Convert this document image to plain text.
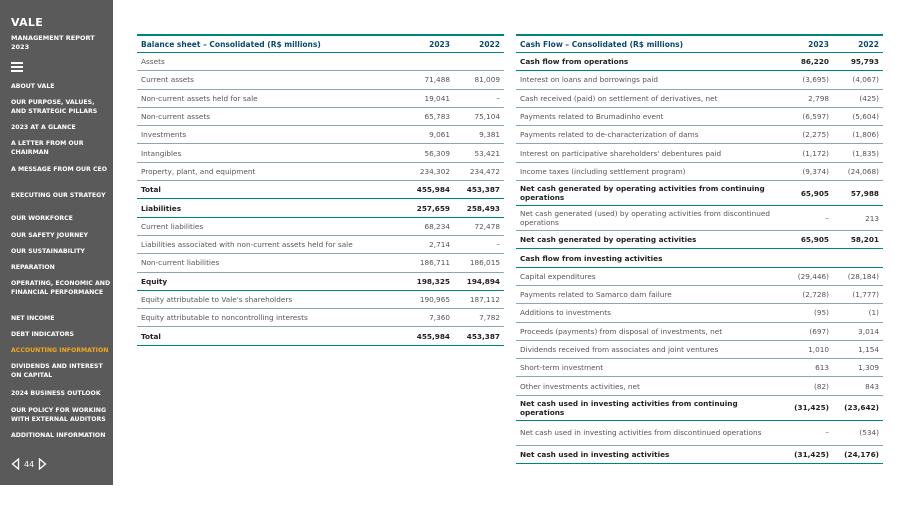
VALE
MANAGEMENT REPORT
2023
ABOUT VALE
OUR PURPOSE, VALUES, AND STRATEGIC PILLARS
2023 AT A GLANCE
A LETTER FROM OUR CHAIRMAN
A MESSAGE FROM OUR CEO
EXECUTING OUR STRATEGY
OUR WORKFORCE
OUR SAFETY JOURNEY
OUR SUSTAINABILITY
REPARATION
OPERATING, ECONOMIC AND FINANCIAL PERFORMANCE
NET INCOME
DEBT INDICATORS
ACCOUNTING INFORMATION
DIVIDENDS AND INTEREST ON CAPITAL
2024 BUSINESS OUTLOOK
OUR POLICY FOR WORKING WITH EXTERNAL AUDITORS
ADDITIONAL INFORMATION
44
Balance sheet – Consolidated (R$ millions)	2023	2022
Assets		
Current assets	71,488	81,009
Non-current assets held for sale	19,041	–
Non-current assets	65,783	75,104
Investments	9,061	9,381
Intangibles	56,309	53,421
Property, plant, and equipment	234,302	234,472
Total	455,984	453,387
Liabilities	257,659	258,493
Current liabilities	68,234	72,478
Liabilities associated with non-current assets held for sale	2,714	–
Non-current liabilities	186,711	186,015
Equity	198,325	194,894
Equity attributable to Vale's shareholders	190,965	187,112
Equity attributable to noncontrolling interests	7,360	7,782
Total	455,984	453,387
Cash Flow – Consolidated (R$ millions)	2023	2022
Cash flow from operations	86,220	95,793
Interest on loans and borrowings paid	(3,695)	(4,067)
Cash received (paid) on settlement of derivatives, net	2,798	(425)
Payments related to Brumadinho event	(6,597)	(5,604)
Payments related to de-characterization of dams	(2,275)	(1,806)
Interest on participative shareholders' debentures paid	(1,172)	(1,835)
Income taxes (including settlement program)	(9,374)	(24,068)
Net cash generated by operating activities from continuing operations	65,905	57,988
Net cash generated (used) by operating activities from discontinued operations	–	213
Net cash generated by operating activities	65,905	58,201
Cash flow from investing activities		
Capital expenditures	(29,446)	(28,184)
Payments related to Samarco dam failure	(2,728)	(1,777)
Additions to investments	(95)	(1)
Proceeds (payments) from disposal of investments, net	(697)	3,014
Dividends received from associates and joint ventures	1,010	1,154
Short-term investment	613	1,309
Other investments activities, net	(82)	843
Net cash used in investing activities from continuing operations	(31,425)	(23,642)
Net cash used in investing activities from discontinued operations	–	(534)
Net cash used in investing activities	(31,425)	(24,176)
